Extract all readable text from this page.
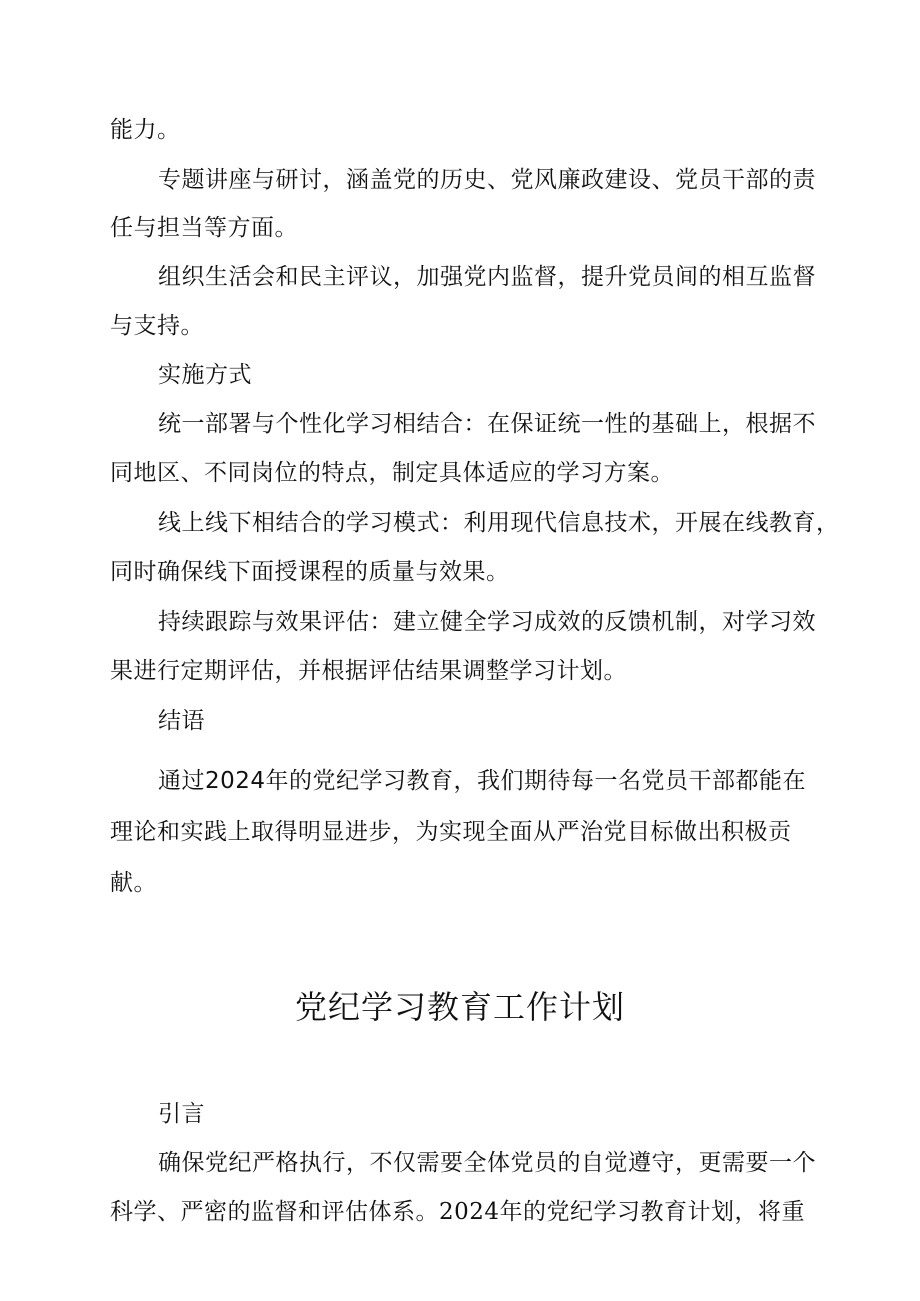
能力。
专题讲座与研讨，涵盖党的历史、党风廉政建设、党员干部的责
任与担当等方面。
组织生活会和民主评议，加强党内监督，提升党员间的相互监督
与支持。
实施方式
统一部署与个性化学习相结合：在保证统一性的基础上，根据不
同地区、不同岗位的特点，制定具体适应的学习方案。
线上线下相结合的学习模式：利用现代信息技术，开展在线教育，
同时确保线下面授课程的质量与效果。
持续跟踪与效果评估：建立健全学习成效的反馈机制，对学习效
果进行定期评估，并根据评估结果调整学习计划。
结语
通过2024年的党纪学习教育，我们期待每一名党员干部都能在
理论和实践上取得明显进步，为实现全面从严治党目标做出积极贡
献。
党纪学习教育工作计划
引言
确保党纪严格执行，不仅需要全体党员的自觉遵守，更需要一个
科学、严密的监督和评估体系。2024年的党纪学习教育计划，将重
